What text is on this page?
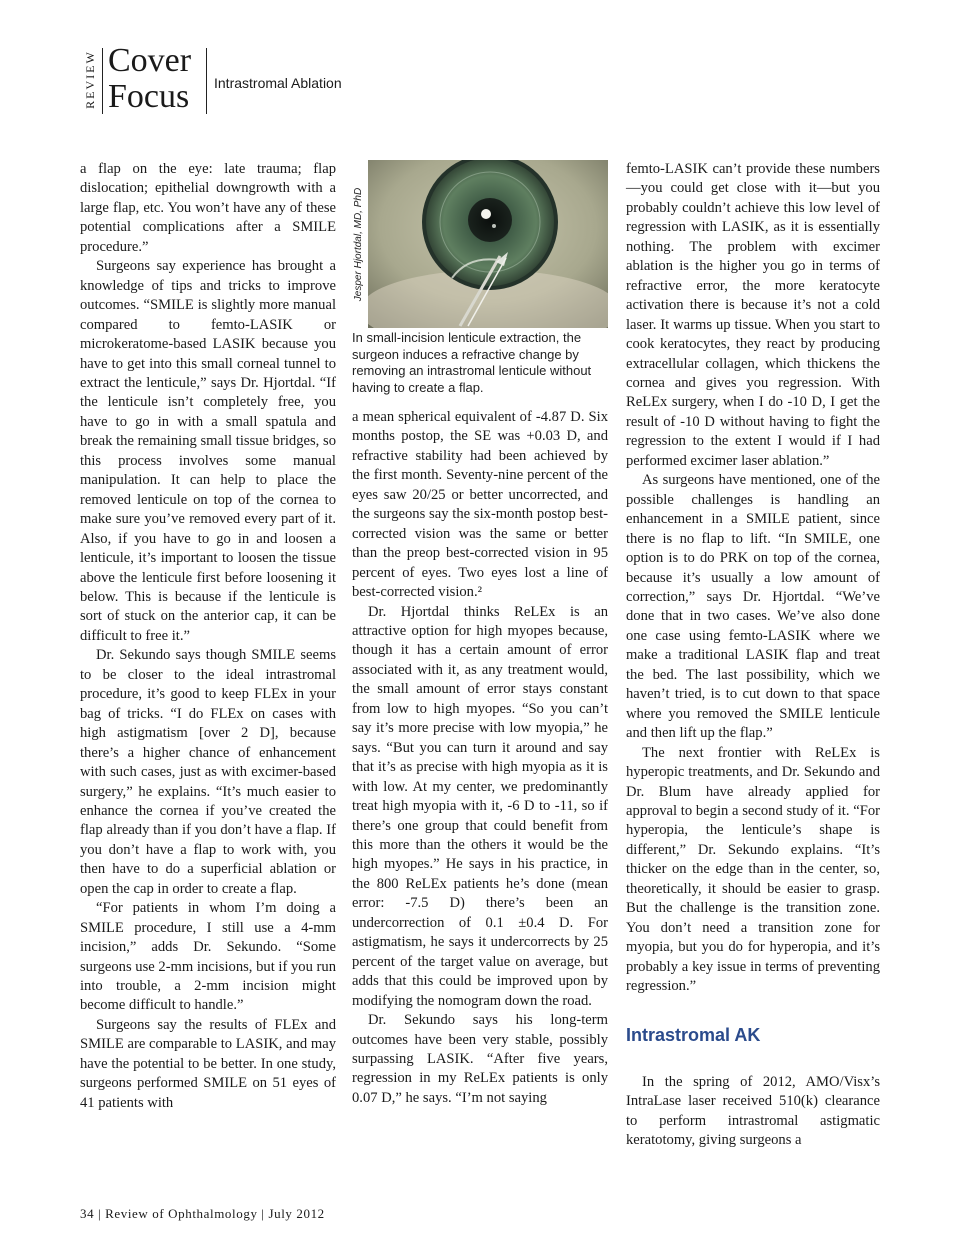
REVIEW Cover
Focus Intrastromal Ablation

a flap on the eye: late trauma; flap dislocation; epithelial downgrowth with a large flap, etc. You won’t have any of these potential complications after a SMILE procedure.”

Surgeons say experience has brought a knowledge of tips and tricks to improve outcomes. “SMILE is slightly more manual compared to femto-LASIK or microkeratome-based LASIK because you have to get into this small corneal tunnel to extract the lenticule,” says Dr. Hjortdal. “If the lenticule isn’t completely free, you have to go in with a small spatula and break the remaining small tissue bridges, so this process involves some manual manipulation. It can help to place the removed lenticule on top of the cornea to make sure you’ve removed every part of it. Also, if you have to go in and loosen a lenticule, it’s important to loosen the tissue above the lenticule first before loosening it below. This is because if the lenticule is sort of stuck on the anterior cap, it can be difficult to free it.”

Dr. Sekundo says though SMILE seems to be closer to the ideal intrastromal procedure, it’s good to keep FLEx in your bag of tricks. “I do FLEx on cases with high astigmatism [over 2 D], because there’s a higher chance of enhancement with such cases, just as with excimer-based surgery,” he explains. “It’s much easier to enhance the cornea if you’ve created the flap already than if you don’t have a flap. If you don’t have a flap to work with, you then have to do a superficial ablation or open the cap in order to create a flap.

“For patients in whom I’m doing a SMILE procedure, I still use a 4-mm incision,” adds Dr. Sekundo. “Some surgeons use 2-mm incisions, but if you run into trouble, a 2-mm incision might become difficult to handle.”

Surgeons say the results of FLEx and SMILE are comparable to LASIK, and may have the potential to be better. In one study, surgeons performed SMILE on 51 eyes of 41 patients with

Jesper Hjortdal, MD, PhD
In small-incision lenticule extraction, the surgeon induces a refractive change by removing an intrastromal lenticule without having to create a flap.

a mean spherical equivalent of -4.87 D. Six months postop, the SE was +0.03 D, and refractive stability had been achieved by the first month. Seventy-nine percent of the eyes saw 20/25 or better uncorrected, and the surgeons say the six-month postop best-corrected vision was the same or better than the preop best-corrected vision in 95 percent of eyes. Two eyes lost a line of best-corrected vision.²

Dr. Hjortdal thinks ReLEx is an attractive option for high myopes because, though it has a certain amount of error associated with it, as any treatment would, the small amount of error stays constant from low to high myopes. “So you can’t say it’s more precise with low myopia,” he says. “But you can turn it around and say that it’s as precise with high myopia as it is with low. At my center, we predominantly treat high myopia with it, -6 D to -11, so if there’s one group that could benefit from this more than the others it would be the high myopes.” He says in his practice, in the 800 ReLEx patients he’s done (mean error: -7.5 D) there’s been an undercorrection of 0.1 ±0.4 D. For astigmatism, he says it undercorrects by 25 percent of the target value on average, but adds that this could be improved upon by modifying the nomogram down the road.

Dr. Sekundo says his long-term outcomes have been very stable, possibly surpassing LASIK. “After five years, regression in my ReLEx patients is only 0.07 D,” he says. “I’m not saying

femto-LASIK can’t provide these numbers—you could get close with it—but you probably couldn’t achieve this low level of regression with LASIK, as it is essentially nothing. The problem with excimer ablation is the higher you go in terms of refractive error, the more keratocyte activation there is because it’s not a cold laser. It warms up tissue. When you start to cook keratocytes, they react by producing extracellular collagen, which thickens the cornea and gives you regression. With ReLEx surgery, when I do -10 D, I get the result of -10 D without having to fight the regression to the extent I would if I had performed excimer laser ablation.”

As surgeons have mentioned, one of the possible challenges is handling an enhancement in a SMILE patient, since there is no flap to lift. “In SMILE, one option is to do PRK on top of the cornea, because it’s usually a low amount of correction,” says Dr. Hjortdal. “We’ve done that in two cases. We’ve also done one case using femto-LASIK where we make a traditional LASIK flap and treat the bed. The last possibility, which we haven’t tried, is to cut down to that space where you removed the SMILE lenticule and then lift up the flap.”

The next frontier with ReLEx is hyperopic treatments, and Dr. Sekundo and Dr. Blum have already applied for approval to begin a second study of it. “For hyperopia, the lenticule’s shape is different,” Dr. Sekundo explains. “It’s thicker on the edge than in the center, so, theoretically, it should be easier to grasp. But the challenge is the transition zone. You don’t need a transition zone for myopia, but you do for hyperopia, and it’s probably a key issue in terms of preventing regression.”

Intrastromal AK

In the spring of 2012, AMO/Visx’s IntraLase laser received 510(k) clearance to perform intrastromal astigmatic keratotomy, giving surgeons a

34 | Review of Ophthalmology | July 2012
